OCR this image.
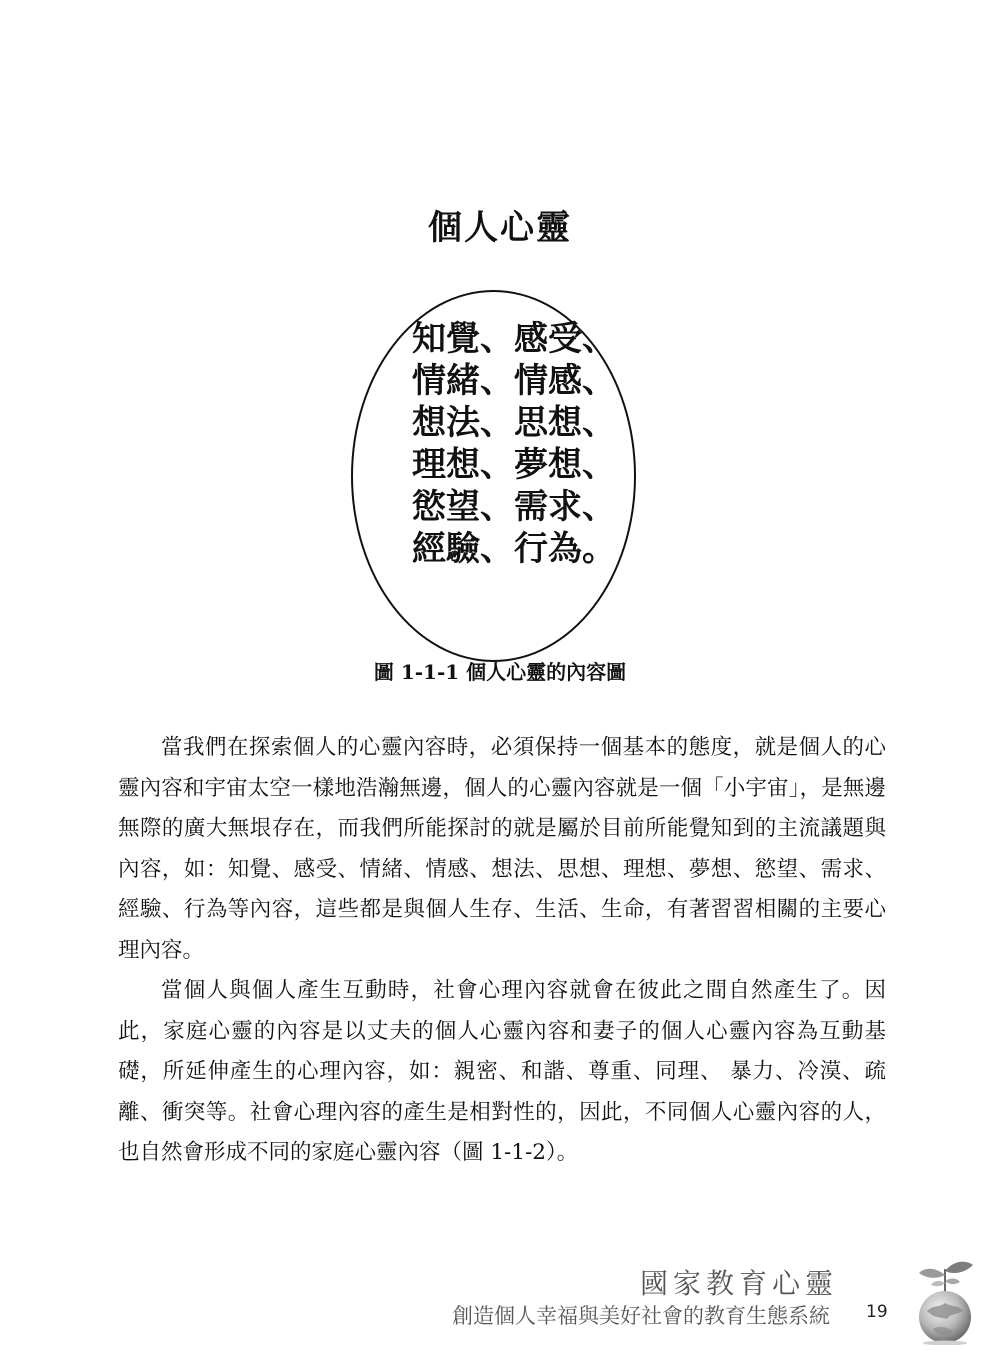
個人心靈
知覺、感受、
情緒、情感、
想法、思想、
理想、夢想、
慾望、需求、
經驗、行為。
圖 1-1-1 個人心靈的內容圖

當我們在探索個人的心靈內容時，必須保持一個基本的態度，就是個人的心靈內容和宇宙太空一樣地浩瀚無邊，個人的心靈內容就是一個「小宇宙」，是無邊無際的廣大無垠存在，而我們所能探討的就是屬於目前所能覺知到的主流議題與內容，如：知覺、感受、情緒、情感、想法、思想、理想、夢想、慾望、需求、經驗、行為等內容，這些都是與個人生存、生活、生命，有著習習相關的主要心理內容。

當個人與個人產生互動時，社會心理內容就會在彼此之間自然產生了。因此，家庭心靈的內容是以丈夫的個人心靈內容和妻子的個人心靈內容為互動基礎，所延伸產生的心理內容，如：親密、和諧、尊重、同理、 暴力、冷漠、疏離、衝突等。社會心理內容的產生是相對性的，因此，不同個人心靈內容的人，也自然會形成不同的家庭心靈內容（圖 1-1-2）。

國家教育心靈
創造個人幸福與美好社會的教育生態系統 19
